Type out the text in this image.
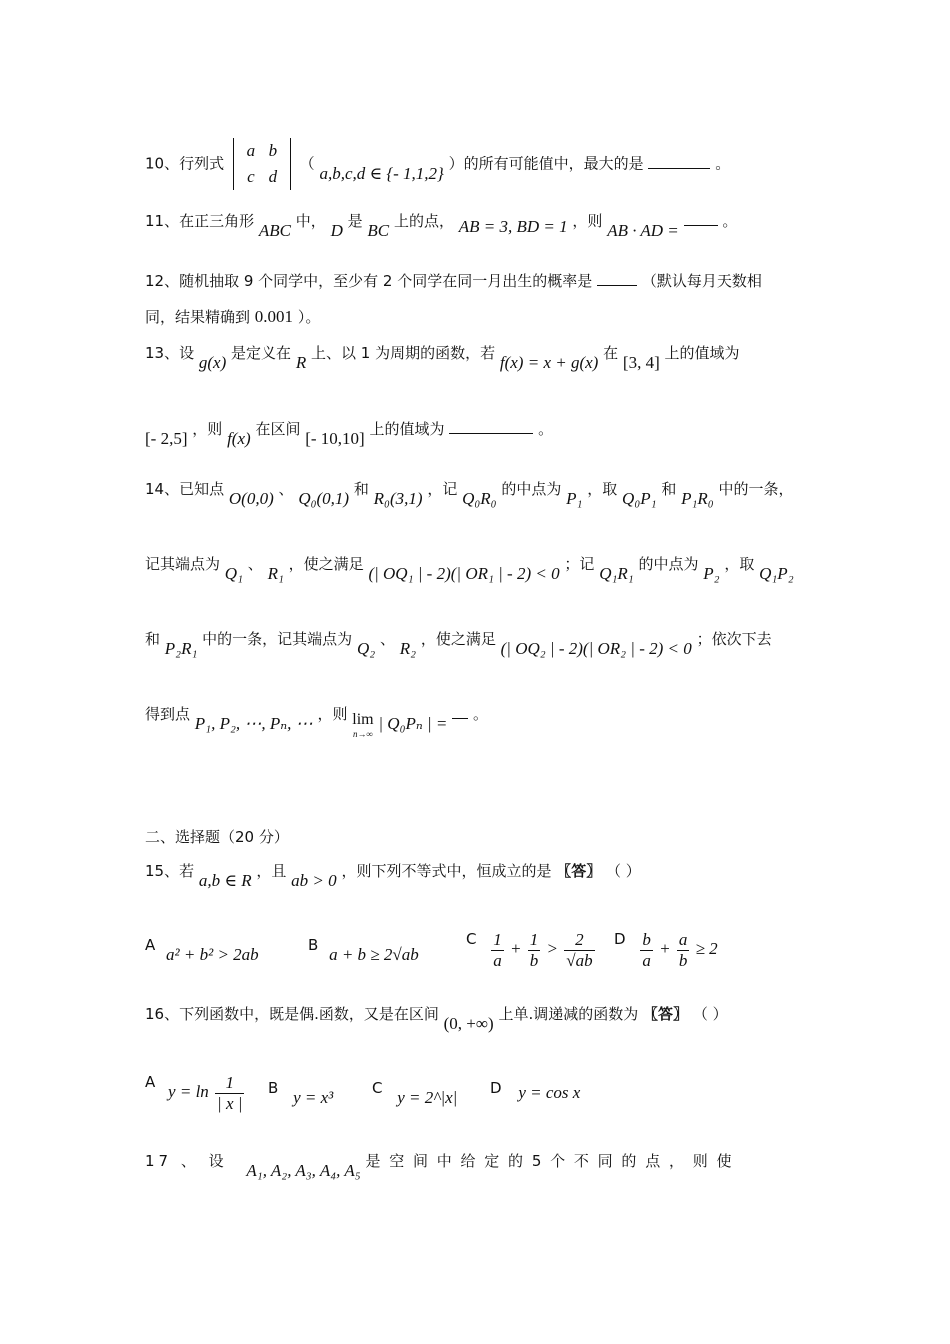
10、行列式 a b
c d （ a,b,c,d ∈ {- 1,1,2} ）的所有可能值中，最大的是	。
11、在正三角形 ABC 中， D 是 BC 上的点， AB = 3, BD = 1 ，则 AB · AD =	。
12、随机抽取 9 个同学中，至少有 2 个同学在同一月出生的概率是	（默认每月天数相
同，结果精确到 0.001 ）。
13、设 g(x) 是定义在 R 上、以 1 为周期的函数，若 f(x) = x + g(x) 在 [3, 4] 上的值域为
[- 2,5] ，则 f(x) 在区间 [- 10,10] 上的值域为	。
14、已知点 O(0,0) 、 Q₀(0,1) 和 R₀(3,1) ，记 Q₀R₀ 的中点为 P₁ ，取 Q₀P₁ 和 P₁R₀ 中的一条，
记其端点为 Q₁ 、 R₁ ，使之满足 (| OQ₁ | - 2)(| OR₁ | - 2) < 0 ；记 Q₁R₁ 的中点为 P₂ ，取 Q₁P₂
和 P₂R₁ 中的一条，记其端点为 Q₂ 、 R₂ ，使之满足 (| OQ₂ | - 2)(| OR₂ | - 2) < 0 ；依次下去
得到点 P₁, P₂, ⋯, Pₙ, ⋯ ，则 lim
n→∞ | Q₀Pₙ | = 。
二、选择题（20 分）
15、若 a,b ∈ R ，且 ab > 0 ，则下列不等式中，恒成立的是 〖答〗 （ ）
A a² + b² > 2ab	B a + b ≥ 2√ab
C $\frac{1}{a} + \frac{1}{b} > \frac{2}{√ab}$ D $\frac{b}{a} + \frac{a}{b} \ge 2$
16、下列函数中，既是偶.函数，又是在区间 (0, +∞) 上单.调递减的函数为 〖答〗 （ ）
A $y = \ln \frac{1}{| x |}$ B y = x³	C y = 2^|x| D y = cos x
17 、 设 A₁, A₂, A₃, A₄, A₅ 是 空 间 中 给 定 的 5 个 不 同 的 点 ， 则 使
